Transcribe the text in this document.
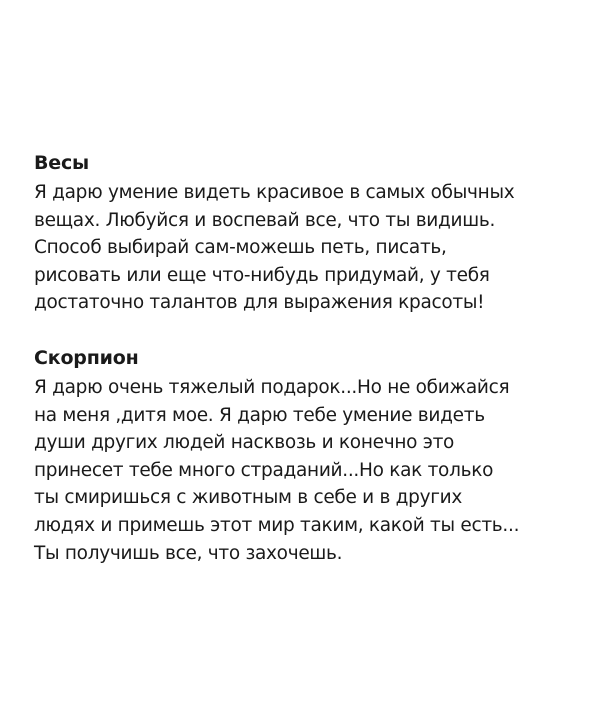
Весы
Я дарю умение видеть красивое в самых обычных
вещах. Любуйся и воспевай все, что ты видишь.
Способ выбирай сам-можешь петь, писать,
рисовать или еще что-нибудь придумай, у тебя
достаточно талантов для выражения красоты!
Скорпион
Я дарю очень тяжелый подарок...Но не обижайся
на меня ,дитя мое. Я дарю тебе умение видеть
души других людей насквозь и конечно это
принесет тебе много страданий...Но как только
ты смиришься с животным в себе и в других
людях и примешь этот мир таким, какой ты есть...
Ты получишь все, что захочешь.
